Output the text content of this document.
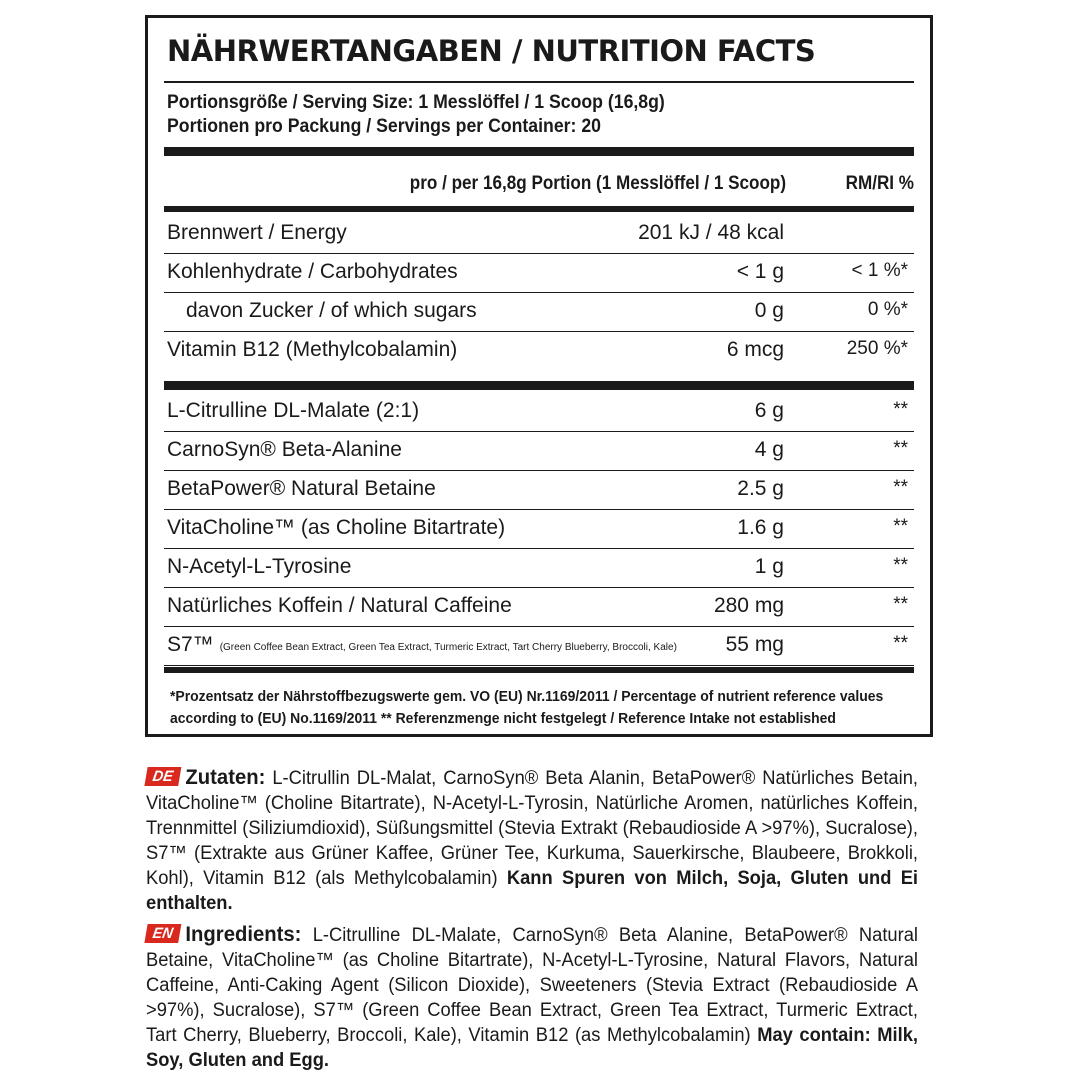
NÄHRWERTANGABEN / NUTRITION FACTS
Portionsgröße / Serving Size: 1 Messlöffel / 1 Scoop (16,8g)
Portionen pro Packung / Servings per Container: 20
pro / per 16,8g Portion (1 Messlöffel / 1 Scoop)	RM/RI %
Brennwert / Energy	201 kJ / 48 kcal
Kohlenhydrate / Carbohydrates	< 1 g	< 1 %*
davon Zucker / of which sugars	0 g	0 %*
Vitamin B12 (Methylcobalamin)	6 mcg	250 %*
L-Citrulline DL-Malate (2:1)	6 g	**
CarnoSyn® Beta-Alanine	4 g	**
BetaPower® Natural Betaine	2.5 g	**
VitaCholine™ (as Choline Bitartrate)	1.6 g	**
N-Acetyl-L-Tyrosine	1 g	**
Natürliches Koffein / Natural Caffeine	280 mg	**
S7™ (Green Coffee Bean Extract, Green Tea Extract, Turmeric Extract, Tart Cherry Blueberry, Broccoli, Kale) 55 mg	**
*Prozentsatz der Nährstoffbezugswerte gem. VO (EU) Nr.1169/2011 / Percentage of nutrient reference values
according to (EU) No.1169/2011 ** Referenzmenge nicht festgelegt / Reference Intake not established
DE Zutaten: L-Citrullin DL-Malat, CarnoSyn® Beta Alanin, BetaPower® Natürliches Betain, VitaCholine™ (Choline Bitartrate), N-Acetyl-L-Tyrosin, Natürliche Aromen, natürliches Koffein, Trennmittel (Siliziumdioxid), Süßungsmittel (Stevia Extrakt (Rebaudioside A >97%), Sucralose), S7™ (Extrakte aus Grüner Kaffee, Grüner Tee, Kurkuma, Sauerkirsche, Blaubeere, Brokkoli, Kohl), Vitamin B12 (als Methylcobalamin) Kann Spuren von Milch, Soja, Gluten und Ei enthalten.
EN Ingredients: L-Citrulline DL-Malate, CarnoSyn® Beta Alanine, BetaPower® Natural Betaine, VitaCholine™ (as Choline Bitartrate), N-Acetyl-L-Tyrosine, Natural Flavors, Natural Caffeine, Anti-Caking Agent (Silicon Dioxide), Sweeteners (Stevia Extract (Rebaudioside A >97%), Sucralose), S7™ (Green Coffee Bean Extract, Green Tea Extract, Turmeric Extract, Tart Cherry, Blueberry, Broccoli, Kale), Vitamin B12 (as Methylcobalamin) May contain: Milk, Soy, Gluten and Egg.
